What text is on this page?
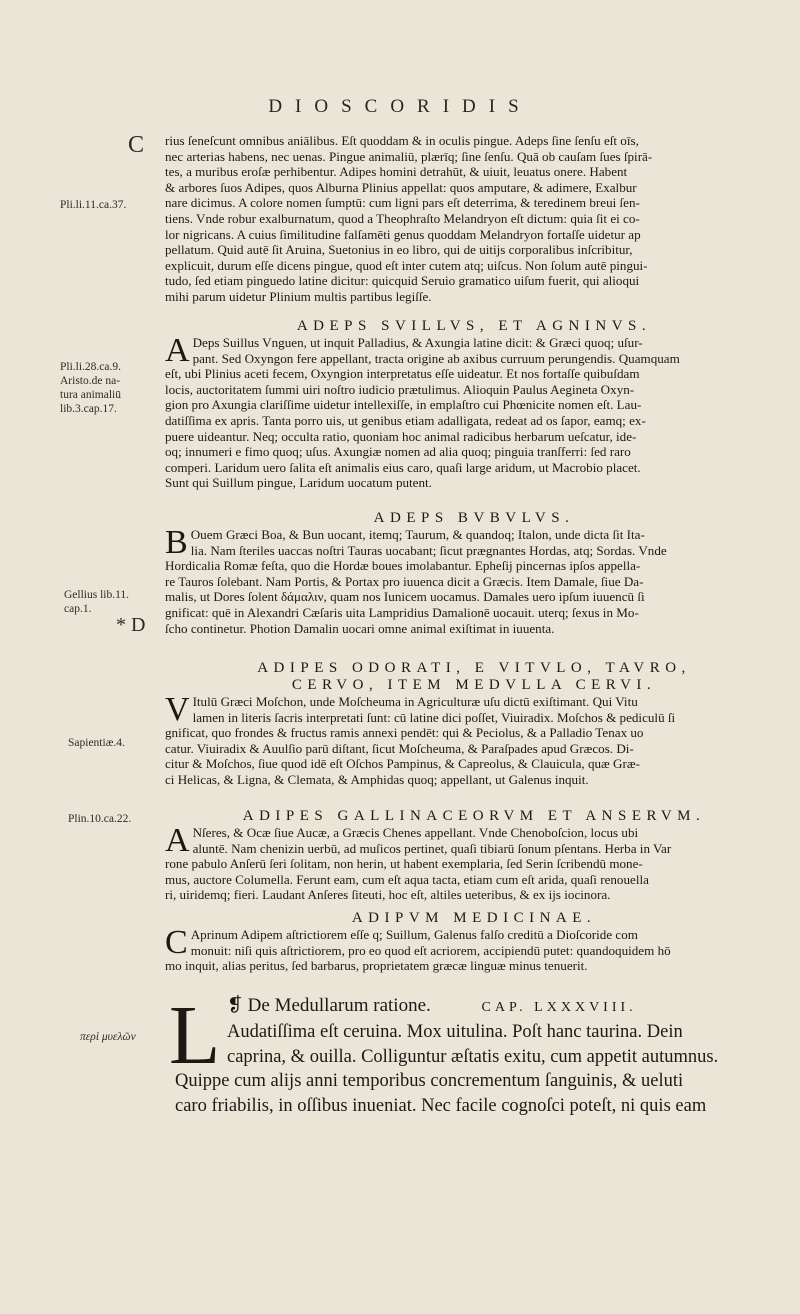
DIOSCORIDIS
C
Pli.li.11.ca.37.
Pli.li.28.ca.9.
Aristo.de na-
tura animaliū
lib.3.cap.17.
Gellius lib.11.
cap.1.
* D
Sapientiæ.4.
Plin.10.ca.22.
περὶ μυελῶν
rius ſeneſcunt omnibus aniālibus. Eſt quoddam & in oculis pingue. Adeps ſine ſenſu eſt oīs,
nec arterias habens, nec uenas. Pingue animaliū, plærīq; ſine ſenſu. Quā ob cauſam ſues ſpirā-
tes, a muribus eroſæ perhibentur. Adipes homini detrahūt, & uiuit, leuatus onere. Habent
& arbores ſuos Adipes, quos Alburna Plinius appellat: quos amputare, & adimere, Exalbur
nare dicimus. A colore nomen ſumptū: cum ligni pars eſt deterrima, & teredinem breui ſen-
tiens. Vnde robur exalburnatum, quod a Theophraſto Melandryon eſt dictum: quia ſit ei co-
lor nigricans. A cuius ſimilitudine falſamēti genus quoddam Melandryon fortaſſe uidetur ap
pellatum. Quid autē ſit Aruina, Suetonius in eo libro, qui de uitijs corporalibus inſcribitur,
explicuit, durum eſſe dicens pingue, quod eſt inter cutem atq; uiſcus. Non ſolum autē pingui-
tudo, ſed etiam pinguedo latine dicitur: quicquid Seruio gramatico uiſum fuerit, qui alioqui
mihi parum uidetur Plinium multis partibus legiſſe.
ADEPS SVILLVS, ET AGNINVS.
A Deps Suillus Vnguen, ut inquit Palladius, & Axungia latine dicit: & Græci quoq; uſur-
pant. Sed Oxyngon fere appellant, tracta origine ab axibus curruum perungendis. Quamquam
eſt, ubi Plinius aceti fecem, Oxyngion interpretatus eſſe uideatur. Et nos fortaſſe quibuſdam
locis, auctoritatem ſummi uiri noſtro iudicio prætulimus. Alioquin Paulus Aegineta Oxyn-
gion pro Axungia clariſſime uidetur intellexiſſe, in emplaſtro cui Phœnicite nomen eſt. Lau-
datiſſima ex apris. Tanta porro uis, ut genibus etiam adalligata, redeat ad os ſapor, eamq; ex-
puere uideantur. Neq; occulta ratio, quoniam hoc animal radicibus herbarum ueſcatur, ide-
oq; innumeri e fimo quoq; uſus. Axungiæ nomen ad alia quoq; pinguia tranſferri: ſed raro
comperi. Laridum uero ſalita eſt animalis eius caro, quaſi large aridum, ut Macrobio placet.
Sunt qui Suillum pingue, Laridum uocatum putent.
ADEPS BVBVLVS.
B Ouem Græci Boa, & Bun uocant, itemq; Taurum, & quandoq; Italon, unde dicta ſit Ita-
lia. Nam ſteriles uaccas noſtri Tauras uocabant; ſicut prægnantes Hordas, atq; Sordas. Vnde
Hordicalia Romæ feſta, quo die Hordæ boues imolabantur. Epheſij pincernas ipſos appella-
re Tauros ſolebant. Nam Portis, & Portax pro iuuenca dicit a Græcis. Item Damale, ſiue Da-
malis, ut Dores ſolent δάμαλιν, quam nos Iunicem uocamus. Damales uero ipſum iuuencū ſi
gnificat: quē in Alexandri Cæſaris uita Lampridius Damalionē uocauit. uterq; ſexus in Mo-
ſcho continetur. Photion Damalin uocari omne animal exiſtimat in iuuenta.
ADIPES ODORATI, E VITVLO, TAVRO,
CERVO, ITEM MEDVLLA CERVI.
V Itulū Græci Moſchon, unde Moſcheuma in Agriculturæ uſu dictū exiſtimant. Qui Vitu
lamen in literis ſacris interpretati ſunt: cū latine dici poſſet, Viuiradix. Moſchos & pediculū ſi
gnificat, quo frondes & fructus ramis annexi pendēt: qui & Peciolus, & a Palladio Tenax uo
catur. Viuiradix & Auulſio parū diſtant, ſicut Moſcheuma, & Paraſpades apud Græcos. Di-
citur & Moſchos, ſiue quod idē eſt Oſchos Pampinus, & Capreolus, & Clauicula, quæ Græ-
ci Helicas, & Ligna, & Clemata, & Amphidas quoq; appellant, ut Galenus inquit.
ADIPES GALLINACEORVM ET ANSERVM.
A Nſeres, & Ocæ ſiue Aucæ, a Græcis Chenes appellant. Vnde Chenoboſcion, locus ubi
aluntē. Nam chenizin uerbū, ad muſicos pertinet, quaſi tibiarū ſonum pſentans. Herba in Var
rone pabulo Anſerū ſeri ſolitam, non herin, ut habent exemplaria, ſed Serin ſcribendū mone-
mus, auctore Columella. Ferunt eam, cum eſt aqua tacta, etiam cum eſt arida, quaſi renouella
ri, uiridemq; fieri. Laudant Anſeres ſiteuti, hoc eſt, altiles ueteribus, & ex ijs iocinora.
ADIPVM MEDICINAE.
C Aprinum Adipem aſtrictiorem eſſe q; Suillum, Galenus falſo creditū a Dioſcoride com
monuit: niſi quis aſtrictiorem, pro eo quod eſt acriorem, accipiendū putet: quandoquidem hō
mo inquit, alias peritus, ſed barbarus, proprietatem græcæ linguæ minus tenuerit.
L ❡ De Medullarum ratione.	CAP. LXXXVIII.
Audatiſſima eſt ceruina. Mox uitulina. Poſt hanc taurina. Dein
caprina, & ouilla. Colliguntur æſtatis exitu, cum appetit autumnus.
Quippe cum alijs anni temporibus concrementum ſanguinis, & ueluti
caro friabilis, in oſſibus inueniat. Nec facile cognoſci poteſt, ni quis eam
